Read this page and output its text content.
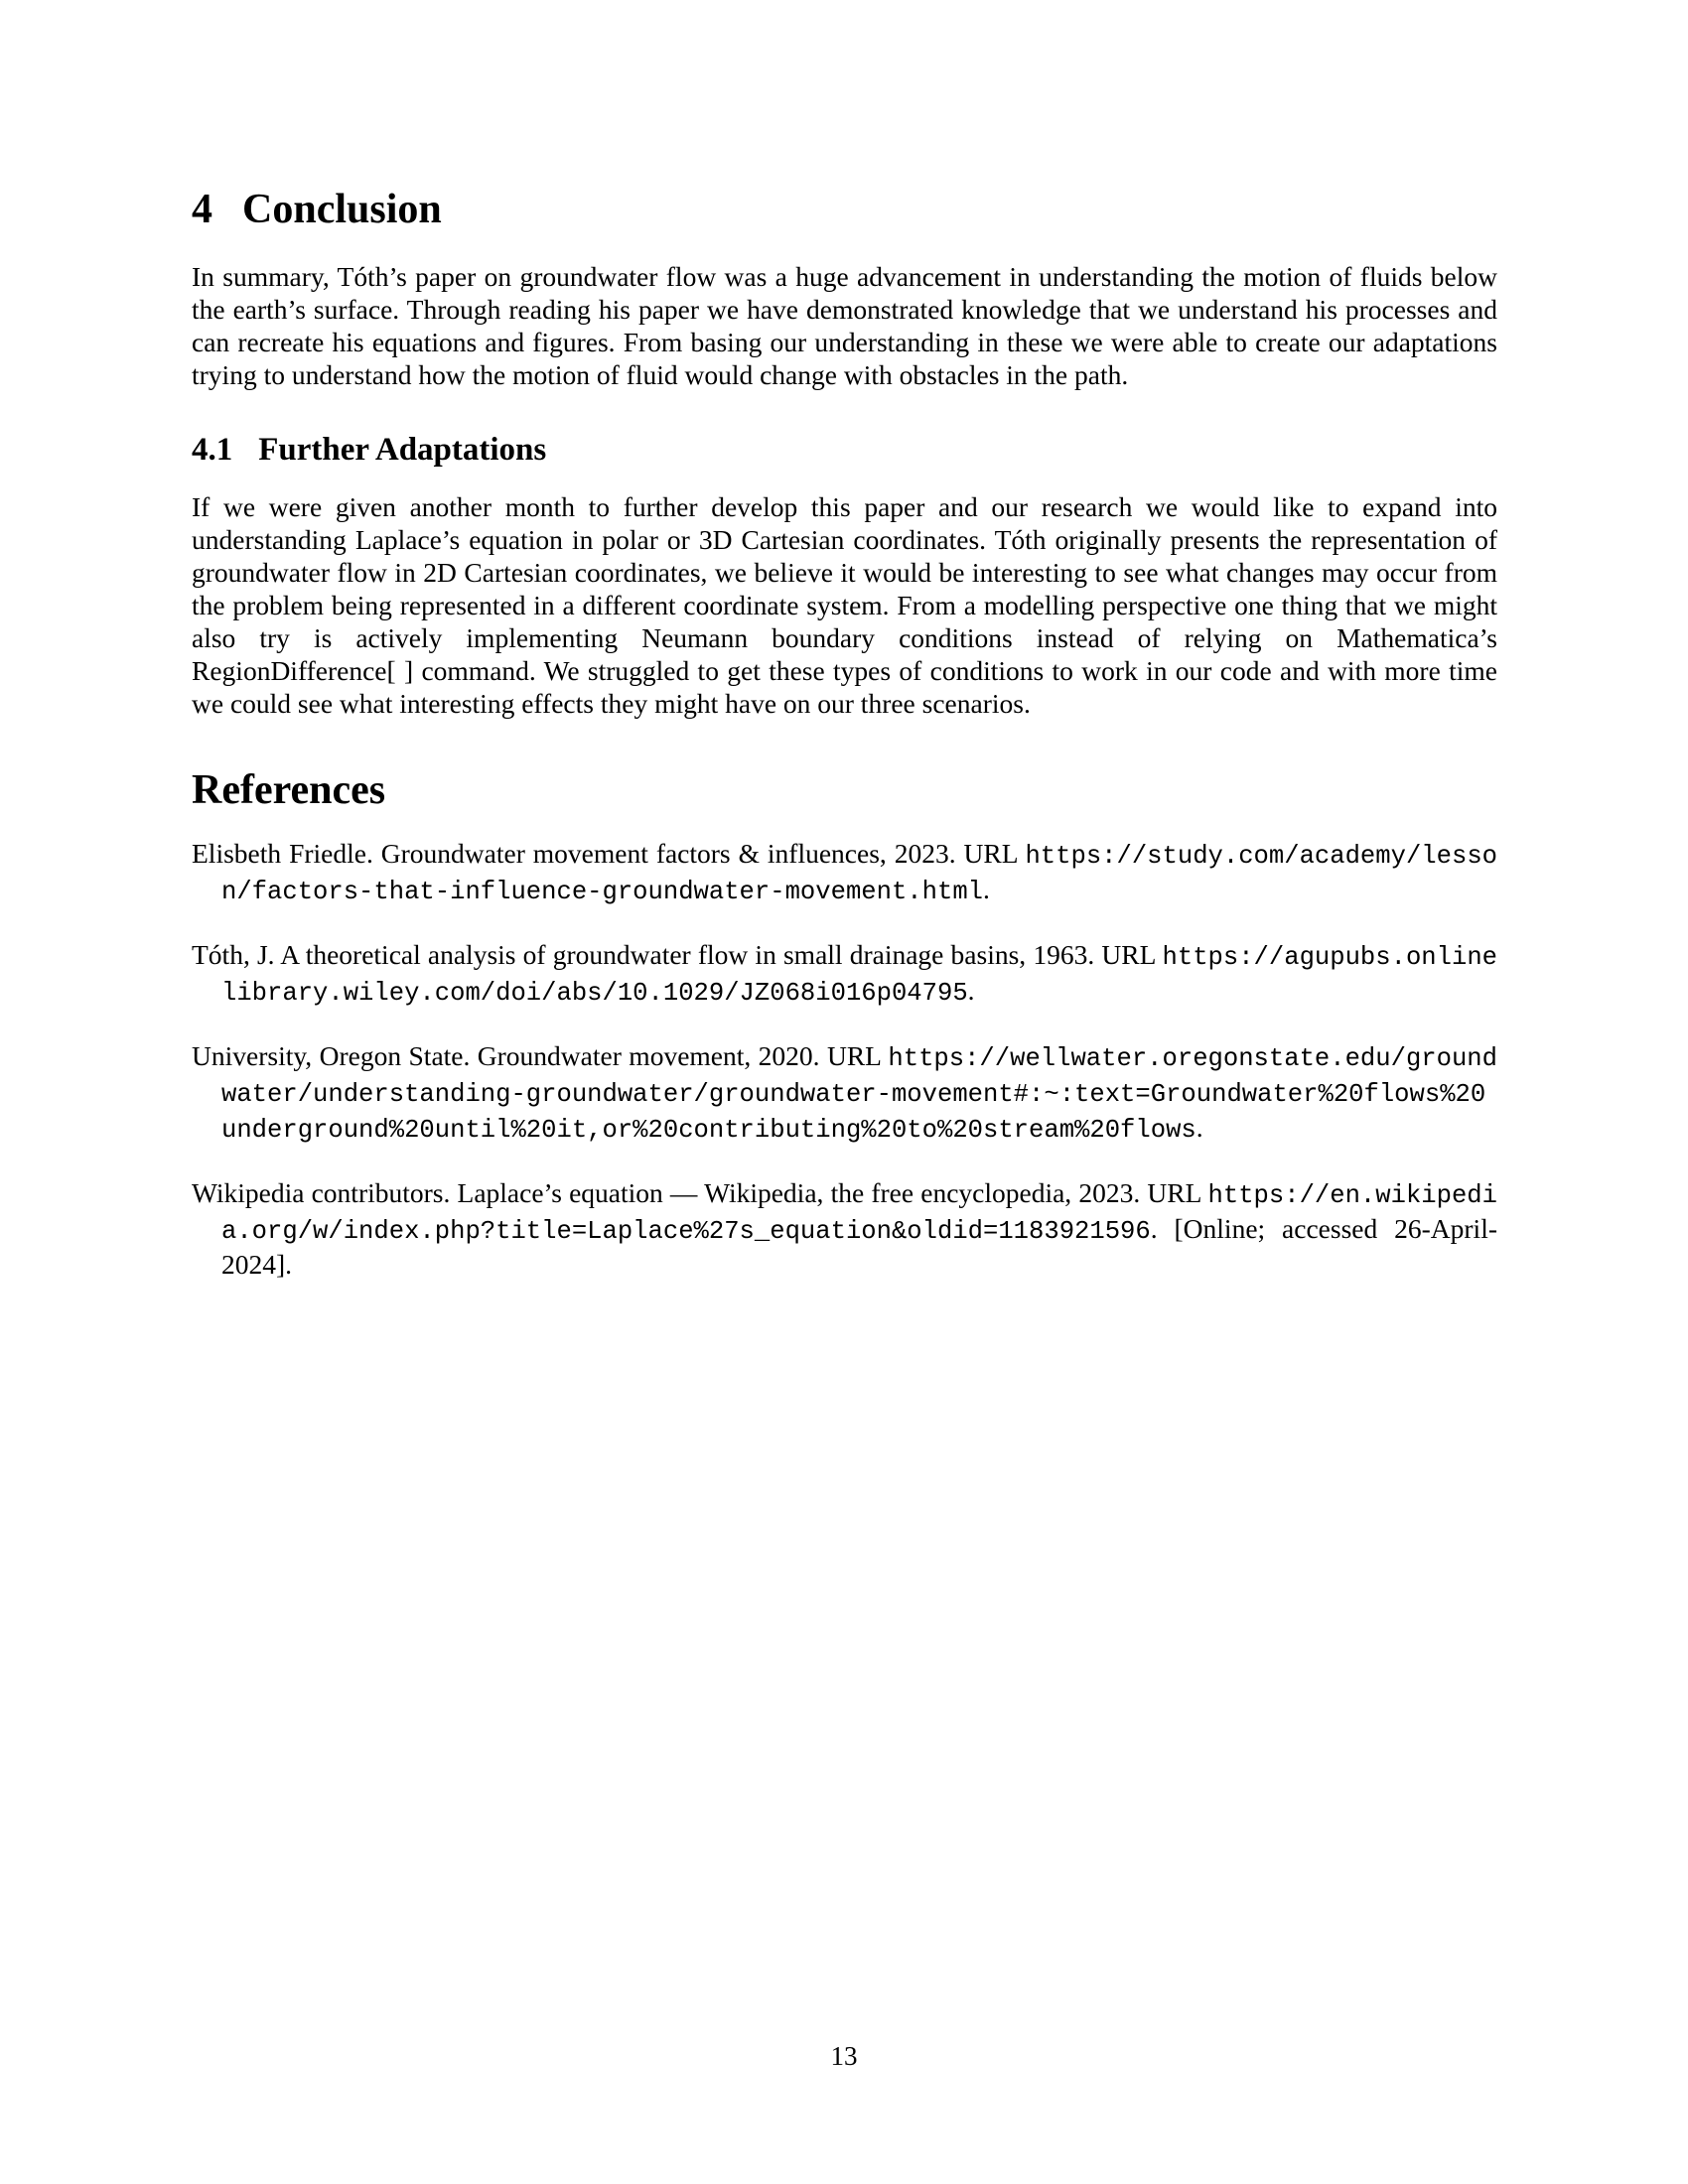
4 Conclusion

In summary, Tóth’s paper on groundwater flow was a huge advancement in understanding the motion of fluids below the earth’s surface. Through reading his paper we have demonstrated knowledge that we understand his processes and can recreate his equations and figures. From basing our understanding in these we were able to create our adaptations trying to understand how the motion of fluid would change with obstacles in the path.

4.1 Further Adaptations

If we were given another month to further develop this paper and our research we would like to expand into understanding Laplace’s equation in polar or 3D Cartesian coordinates. Tóth originally presents the representation of groundwater flow in 2D Cartesian coordinates, we believe it would be interesting to see what changes may occur from the problem being represented in a different coordinate system. From a modelling perspective one thing that we might also try is actively implementing Neumann boundary conditions instead of relying on Mathematica’s RegionDifference[ ] command. We struggled to get these types of conditions to work in our code and with more time we could see what interesting effects they might have on our three scenarios.

References

Elisbeth Friedle. Groundwater movement factors & influences, 2023. URL https://study.com/academy/lesson/factors-that-influence-groundwater-movement.html.

Tóth, J. A theoretical analysis of groundwater flow in small drainage basins, 1963. URL https://agupubs.onlinelibrary.wiley.com/doi/abs/10.1029/JZ068i016p04795.

University, Oregon State. Groundwater movement, 2020. URL https://wellwater.oregonstate.edu/groundwater/understanding-groundwater/groundwater-movement#:~:text=Groundwater%20flows%20underground%20until%20it,or%20contributing%20to%20stream%20flows.

Wikipedia contributors. Laplace’s equation — Wikipedia, the free encyclopedia, 2023. URL https://en.wikipedia.org/w/index.php?title=Laplace%27s_equation&oldid=1183921596. [Online; accessed 26-April-2024].

13
